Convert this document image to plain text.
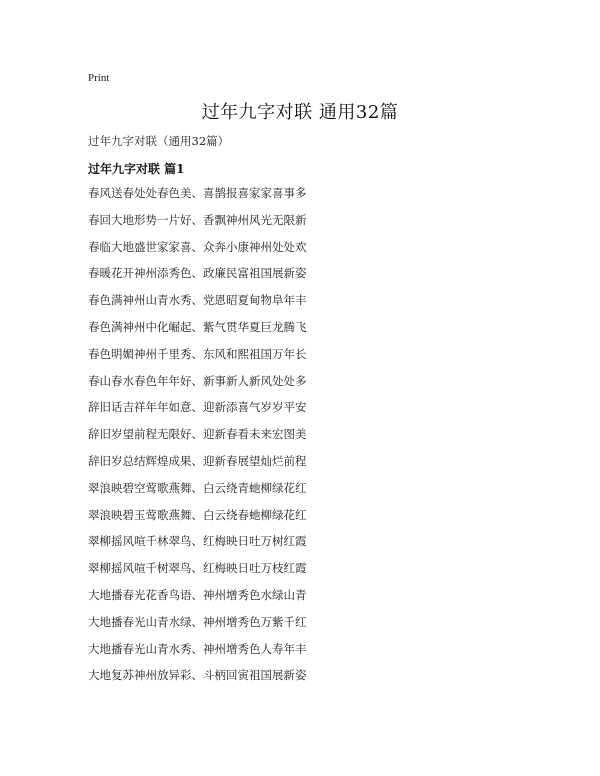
Print
过年九字对联 通用32篇
过年九字对联（通用32篇）
过年九字对联 篇1
春风送春处处春色美、喜鹊报喜家家喜事多
春回大地形势一片好、香飘神州风光无限新
春临大地盛世家家喜、众奔小康神州处处欢
春暖花开神州添秀色、政廉民富祖国展新姿
春色满神州山青水秀、党恩昭夏甸物阜年丰
春色满神州中化崛起、紫气贯华夏巨龙腾飞
春色明媚神州千里秀、东风和熙祖国万年长
春山春水春色年年好、新事新人新风处处多
辞旧话吉祥年年如意、迎新添喜气岁岁平安
辞旧岁望前程无限好、迎新春看未来宏图美
辞旧岁总结辉煌成果、迎新春展望灿烂前程
翠浪映碧空莺歌燕舞、白云绕青虵柳绿花红
翠浪映碧玉莺歌燕舞、白云绕春虵柳绿花红
翠柳摇风喧千林翠鸟、红梅映日吐万树红霞
翠柳摇风喧千树翠鸟、红梅映日吐万枝红霞
大地播春光花香鸟语、神州增秀色水绿山青
大地播春光山青水绿、神州增秀色万紫千红
大地播春光山青水秀、神州增秀色人寿年丰
大地复苏神州放异彩、斗柄回寅祖国展新姿
